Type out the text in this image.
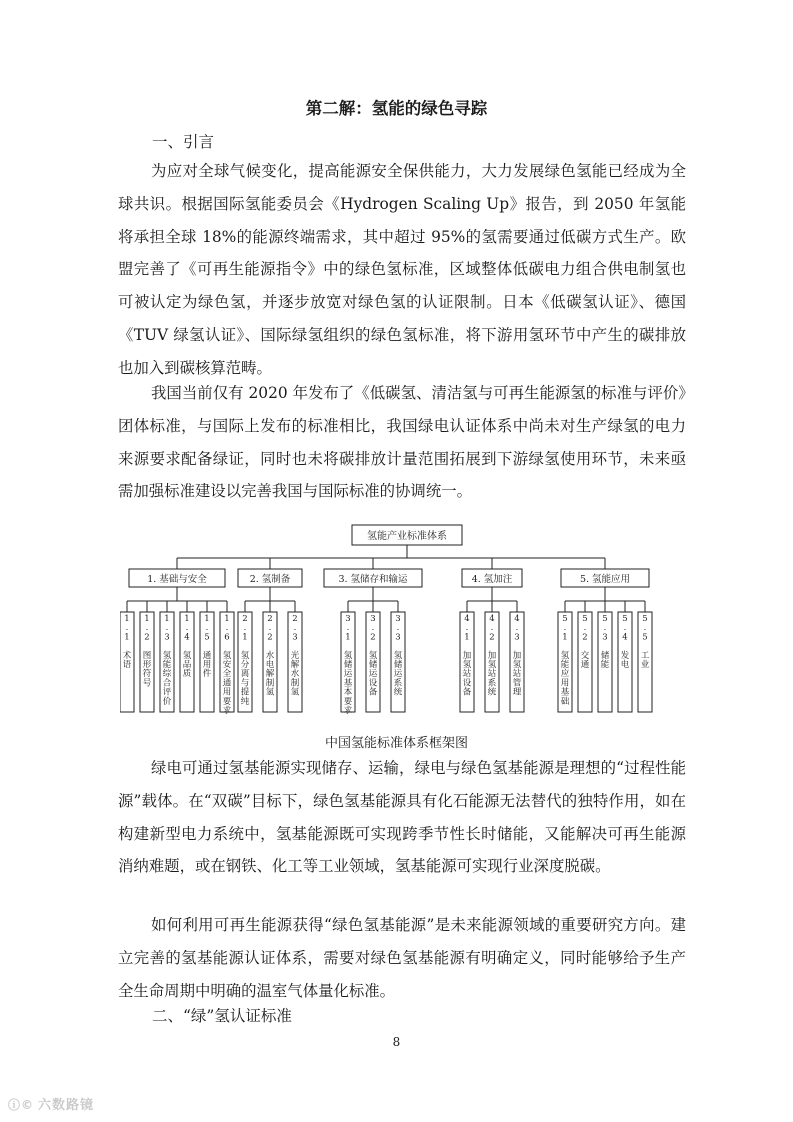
第二解：氢能的绿色寻踪
一、引言

为应对全球气候变化，提高能源安全保供能力，大力发展绿色氢能已经成为全球共识。根据国际氢能委员会《Hydrogen Scaling Up》报告，到 2050 年氢能将承担全球 18%的能源终端需求，其中超过 95%的氢需要通过低碳方式生产。欧盟完善了《可再生能源指令》中的绿色氢标准，区域整体低碳电力组合供电制氢也可被认定为绿色氢，并逐步放宽对绿色氢的认证限制。日本《低碳氢认证》、德国《TUV 绿氢认证》、国际绿氢组织的绿色氢标准，将下游用氢环节中产生的碳排放也加入到碳核算范畴。

我国当前仅有 2020 年发布了《低碳氢、清洁氢与可再生能源氢的标准与评价》团体标准，与国际上发布的标准相比，我国绿电认证体系中尚未对生产绿氢的电力来源要求配备绿证，同时也未将碳排放计量范围拓展到下游绿氢使用环节，未来亟需加强标准建设以完善我国与国际标准的协调统一。

氢能产业标准体系
1. 基础与安全
1 . 1 术语
1 . 2 图形符号
1 . 3 氢能综合评价
1 . 4 氢品质
1 . 5 通用件
1 . 6 氢安全通用要求
2. 氢制备
2 . 1 氢分离与提纯
2 . 2 水电解制氢
2 . 3 光解水制氢
3. 氢储存和输运
3 . 1 氢储运基本要求
3 . 2 氢储运设备
3 . 3 氢储运系统
4. 氢加注
4 . 1 加氢站设备
4 . 2 加氢站系统
4 . 3 加氢站管理
5. 氢能应用
5 . 1 氢能应用基础
5 . 2 交通
5 . 3 储能
5 . 4 发电
5 . 5 工业
中国氢能标准体系框架图

绿电可通过氢基能源实现储存、运输，绿电与绿色氢基能源是理想的“过程性能源”载体。在“双碳”目标下，绿色氢基能源具有化石能源无法替代的独特作用，如在构建新型电力系统中，氢基能源既可实现跨季节性长时储能，又能解决可再生能源消纳难题，或在钢铁、化工等工业领域，氢基能源可实现行业深度脱碳。

如何利用可再生能源获得“绿色氢基能源”是未来能源领域的重要研究方向。建立完善的氢基能源认证体系，需要对绿色氢基能源有明确定义，同时能够给予生产全生命周期中明确的温室气体量化标准。

二、“绿”氢认证标准
8
ⓘ© 六数路镜
